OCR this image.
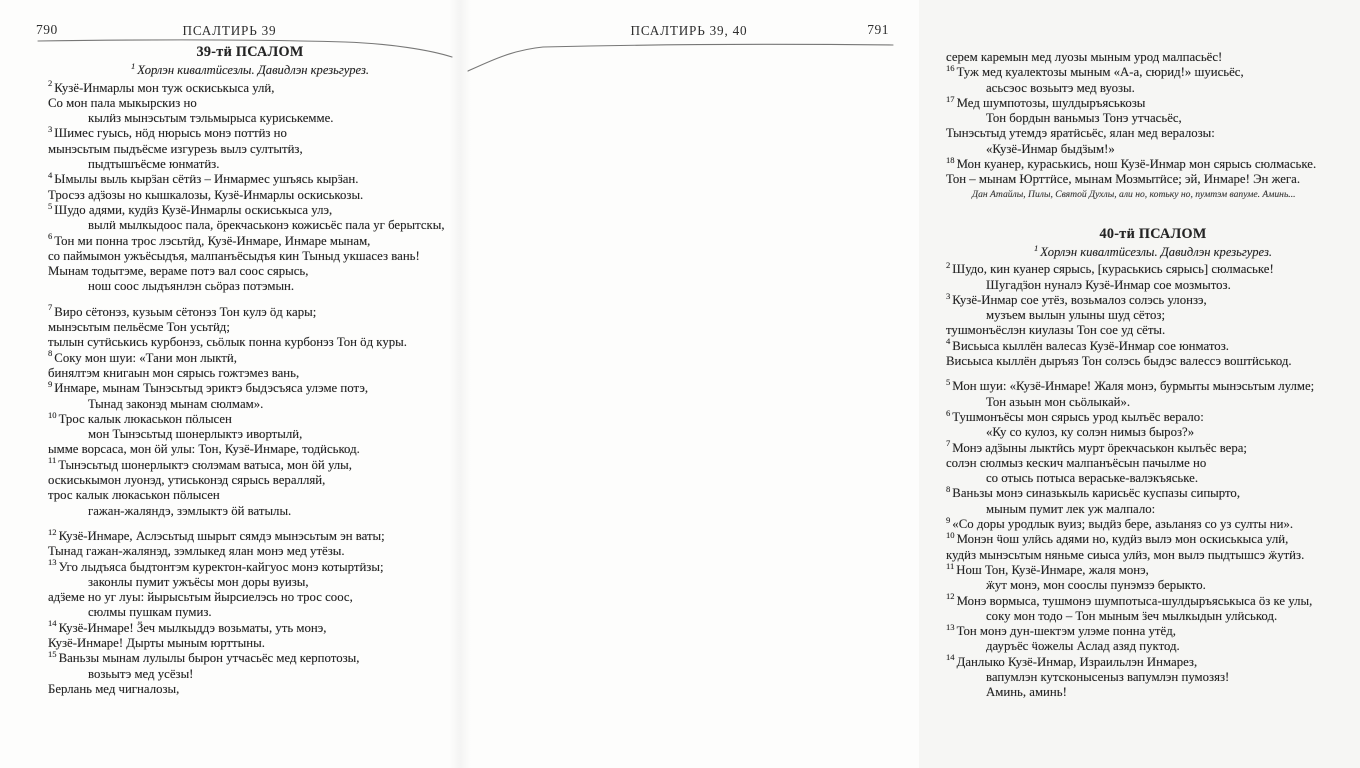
790	ПСАЛТИРЬ 39
39-тӥ ПСАЛОМ
$^1$ Хорлэн кивалтӥсезлы. Давидлэн крезьгурез.
$^2$ Кузё-Инмарлы мон туж оскиськыса улӥ,
Со мон пала мыкырскиз но
кылӥз мынэсьтым тэльмырыса куриськемме.
$^3$ Шимес гуысь, нӧд нюрысь монэ поттӥз но
мынэсьтым пыдъёсме изгурезь вылэ султытӥз,
пыдтышъёсме юнматӥз.
$^4$ Ымылы выль кырӟан сётӥз – Инмармес ушъясь кырӟан.
Тросэз адӟозы но кышкалозы, Кузё-Инмарлы оскиськозы.
$^5$ Шудо адями, кудӥз Кузё-Инмарлы оскиськыса улэ,
вылӥ мылкыдоос пала, ӧрекчаськонэ кожисьёс пала уг берытскы,
$^6$ Тон ми понна трос лэсьтӥд, Кузё-Инмаре, Инмаре мынам,
со паймымон ужъёсыдъя, малпанъёсыдъя кин Тыныд укшасез вань!
Мынам тодытэме, вераме потэ вал соос сярысь,
нош соос лыдъянлэн сьӧраз потэмын.
$^7$ Виро сётонэз, кузьым сётонэз Тон кулэ ӧд кары;
мынэсьтым пельёсме Тон усьтӥд;
тылын сутӥськись курбонэз, сьӧлык понна курбонэз Тон ӧд куры.
$^8$ Соку мон шуи: «Тани мон лыктӥ,
бинялтэм книгаын мон сярысь гожтэмез вань,
$^9$ Инмаре, мынам Тынэсьтыд эриктэ быдэсъяса улэме потэ,
Тынад законэд мынам сюлмам».
$^{10}$ Трос калык люкаськон пӧлысен
мон Тынэсьтыд шонерлыктэ ивортылӥ,
ымме ворсаса, мон ӧй улы: Тон, Кузё-Инмаре, тодӥськод.
$^{11}$ Тынэсьтыд шонерлыктэ сюлэмам ватыса, мон ӧй улы,
оскиськымон луонэд, утиськонэд сярысь вералляй,
трос калык люкаськон пӧлысен
гажан-жаляндэ, зэмлыктэ ӧй ватылы.
$^{12}$ Кузё-Инмаре, Аслэсьтыд шырыт сямдэ мынэсьтым эн ваты;
Тынад гажан-жалянэд, зэмлыкед ялан монэ мед утёзы.
$^{13}$ Уго лыдъяса быдтонтэм куректон-кайгуос монэ котыртӥзы;
законлы пумит ужъёсы мон доры вуизы,
адӟеме но уг луы: йырысьтым йырсиелэсь но трос соос,
сюлмы пушкам пумиз.
$^{14}$ Кузё-Инмаре! Ӟеч мылкыддэ возьматы, уть монэ,
Кузё-Инмаре! Дырты мыным юрттыны.
$^{15}$ Ваньзы мынам лулылы бырон утчасьёс мед керпотозы,
возьытэ мед усёзы!
Берлань мед чигналозы,
ПСАЛТИРЬ 39, 40	791
серем каремын мед луозы мыным урод малпасьёс!
$^{16}$ Туж мед куалектозы мыным «А-а, сюрид!» шуисьёс,
асьсэос возьытэ мед вуозы.
$^{17}$ Мед шумпотозы, шулдыръяськозы
Тон бордын ваньмыз Тонэ утчасьёс,
Тынэсьтыд утемдэ яратӥсьёс, ялан мед вералозы:
«Кузё-Инмар быдӟым!»
$^{18}$ Мон куанер, кураськись, нош Кузё-Инмар мон сярысь сюлмаське.
Тон – мынам Юрттӥсе, мынам Мозмытӥсе; эй, Инмаре! Эн жега.
Дан Атайлы, Пилы, Святой Духлы, али но, котьку но, пумтэм вапуме. Аминь...
40-тӥ ПСАЛОМ
$^1$ Хорлэн кивалтӥсезлы. Давидлэн крезьгурез.
$^2$ Шудо, кин куанер сярысь, [кураськись сярысь] сюлмаське!
Шугадӟон нуналэ Кузё-Инмар сое мозмытоз.
$^3$ Кузё-Инмар сое утёз, возьмалоз солэсь улонзэ,
музъем вылын улыны шуд сётоз;
тушмонъёслэн киулазы Тон сое уд сёты.
$^4$ Висьыса кыллён валесаз Кузё-Инмар сое юнматоз.
Висьыса кыллён дыръяз Тон солэсь быдэс валессэ воштӥськод.
$^5$ Мон шуи: «Кузё-Инмаре! Жаля монэ, бурмыты мынэсьтым лулме;
Тон азьын мон сьӧлыкай».
$^6$ Тушмонъёсы мон сярысь урод кылъёс верало:
«Ку со кулоз, ку солэн нимыз быроз?»
$^7$ Монэ адӟыны лыктӥсь мурт ӧрекчаськон кылъёс вера;
солэн сюлмыз кескич малпанъёсын пачылме но
со отысь потыса вераське-валэкъяське.
$^8$ Ваньзы монэ синазькыль карисьёс куспазы сипырто,
мыным пумит лек уж малпало:
$^9$ «Со доры уродлык вуиз; выдӥз бере, азьланяз со уз султы ни».
$^{10}$ Монэн ӵош улӥсь адями но, кудӥз вылэ мон оскиськыса улӥ,
кудӥз мынэсьтым няньме сиыса улӥз, мон вылэ пыдтышсэ ӝутӥз.
$^{11}$ Нош Тон, Кузё-Инмаре, жаля монэ,
ӝут монэ, мон соослы пунэмзэ берыкто.
$^{12}$ Монэ вормыса, тушмонэ шумпотыса-шулдыръяськыса ӧз ке улы,
соку мон тодо – Тон мыным ӟеч мылкыдын улӥськод.
$^{13}$ Тон монэ дун-шектэм улэме понна утёд,
дауръёс ӵожелы Аслад азяд пуктод.
$^{14}$ Данлыко Кузё-Инмар, Израильлэн Инмарез,
вапумлэн кутсконысеныз вапумлэн пумозяз!
Аминь, аминь!
